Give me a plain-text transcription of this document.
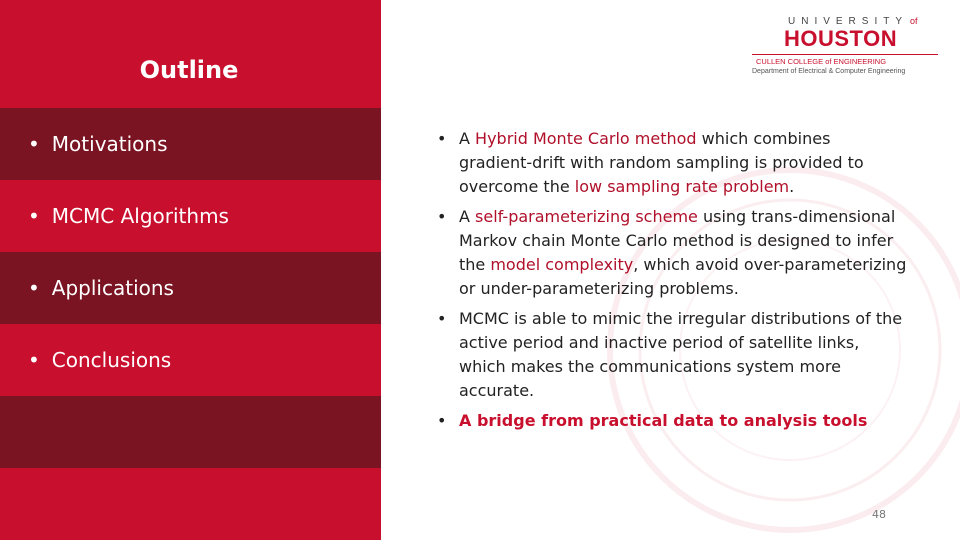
Outline
• Motivations
• MCMC Algorithms
• Applications
• Conclusions
UNIVERSITY of
HOUSTON
CULLEN COLLEGE of ENGINEERING
Department of Electrical & Computer Engineering
• A Hybrid Monte Carlo method which combines gradient-drift with random sampling is provided to overcome the low sampling rate problem.
• A self-parameterizing scheme using trans-dimensional Markov chain Monte Carlo method is designed to infer the model complexity, which avoid over-parameterizing or under-parameterizing problems.
• MCMC is able to mimic the irregular distributions of the active period and inactive period of satellite links, which makes the communications system more accurate.
• A bridge from practical data to analysis tools
48
